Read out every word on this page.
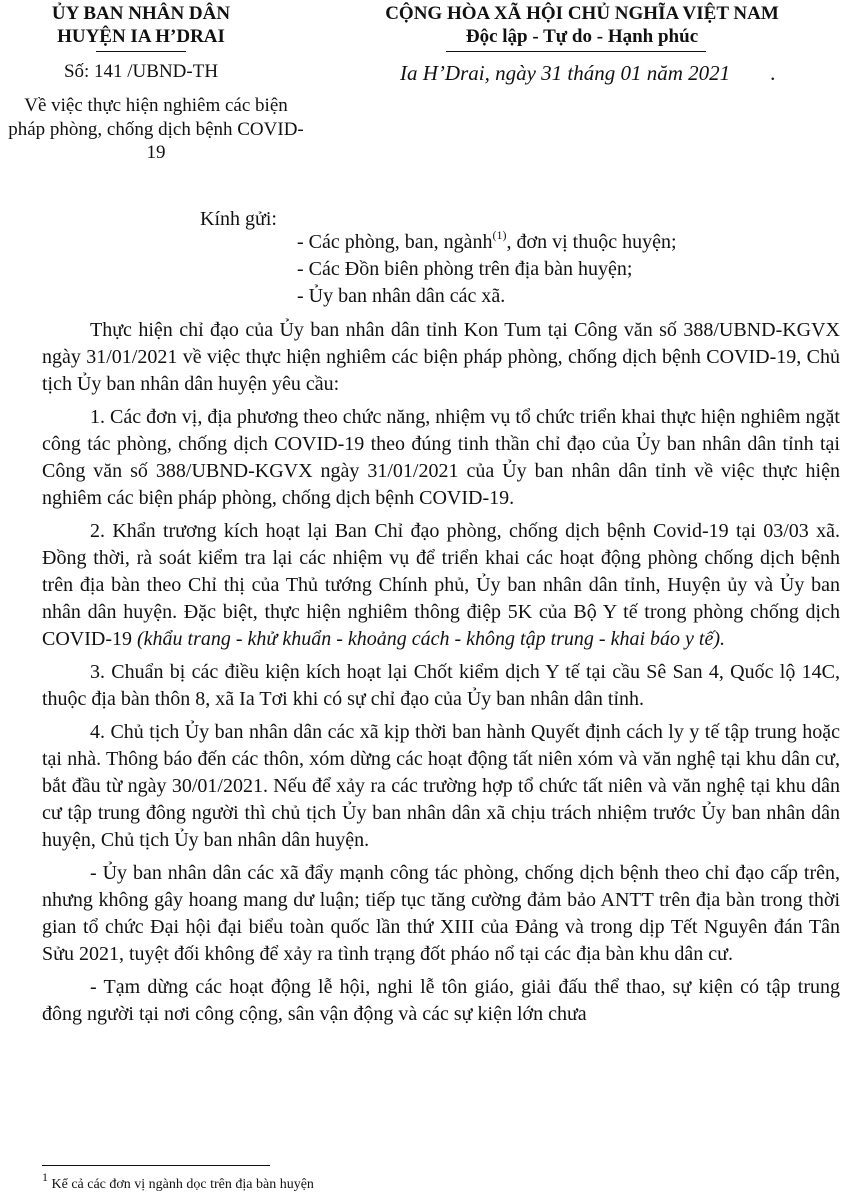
ỦY BAN NHÂN DÂN
HUYỆN IA H’DRAI
CỘNG HÒA XÃ HỘI CHỦ NGHĨA VIỆT NAM
Độc lập - Tự do - Hạnh phúc
Số: 141 /UBND-TH	Ia H’Drai, ngày 31 tháng 01 năm 2021 .
Về việc thực hiện nghiêm các biện pháp phòng, chống dịch bệnh COVID-19
Kính gửi:
- Các phòng, ban, ngành$^{(1)}$, đơn vị thuộc huyện;
- Các Đồn biên phòng trên địa bàn huyện;
- Ủy ban nhân dân các xã.

Thực hiện chỉ đạo của Ủy ban nhân dân tỉnh Kon Tum tại Công văn số 388/UBND-KGVX ngày 31/01/2021 về việc thực hiện nghiêm các biện pháp phòng, chống dịch bệnh COVID-19, Chủ tịch Ủy ban nhân dân huyện yêu cầu:

1. Các đơn vị, địa phương theo chức năng, nhiệm vụ tổ chức triển khai thực hiện nghiêm ngặt công tác phòng, chống dịch COVID-19 theo đúng tinh thần chỉ đạo của Ủy ban nhân dân tỉnh tại Công văn số 388/UBND-KGVX ngày 31/01/2021 của Ủy ban nhân dân tỉnh về việc thực hiện nghiêm các biện pháp phòng, chống dịch bệnh COVID-19.

2. Khẩn trương kích hoạt lại Ban Chỉ đạo phòng, chống dịch bệnh Covid-19 tại 03/03 xã. Đồng thời, rà soát kiểm tra lại các nhiệm vụ để triển khai các hoạt động phòng chống dịch bệnh trên địa bàn theo Chỉ thị của Thủ tướng Chính phủ, Ủy ban nhân dân tỉnh, Huyện ủy và Ủy ban nhân dân huyện. Đặc biệt, thực hiện nghiêm thông điệp 5K của Bộ Y tế trong phòng chống dịch COVID-19 (khẩu trang - khử khuẩn - khoảng cách - không tập trung - khai báo y tế).

3. Chuẩn bị các điều kiện kích hoạt lại Chốt kiểm dịch Y tế tại cầu Sê San 4, Quốc lộ 14C, thuộc địa bàn thôn 8, xã Ia Tơi khi có sự chỉ đạo của Ủy ban nhân dân tỉnh.

4. Chủ tịch Ủy ban nhân dân các xã kịp thời ban hành Quyết định cách ly y tế tập trung hoặc tại nhà. Thông báo đến các thôn, xóm dừng các hoạt động tất niên xóm và văn nghệ tại khu dân cư, bắt đầu từ ngày 30/01/2021. Nếu để xảy ra các trường hợp tổ chức tất niên và văn nghệ tại khu dân cư tập trung đông người thì chủ tịch Ủy ban nhân dân xã chịu trách nhiệm trước Ủy ban nhân dân huyện, Chủ tịch Ủy ban nhân dân huyện.

- Ủy ban nhân dân các xã đẩy mạnh công tác phòng, chống dịch bệnh theo chỉ đạo cấp trên, nhưng không gây hoang mang dư luận; tiếp tục tăng cường đảm bảo ANTT trên địa bàn trong thời gian tổ chức Đại hội đại biểu toàn quốc lần thứ XIII của Đảng và trong dịp Tết Nguyên đán Tân Sửu 2021, tuyệt đối không để xảy ra tình trạng đốt pháo nổ tại các địa bàn khu dân cư.

- Tạm dừng các hoạt động lễ hội, nghi lễ tôn giáo, giải đấu thể thao, sự kiện có tập trung đông người tại nơi công cộng, sân vận động và các sự kiện lớn chưa

$^1$ Kể cả các đơn vị ngành dọc trên địa bàn huyện
